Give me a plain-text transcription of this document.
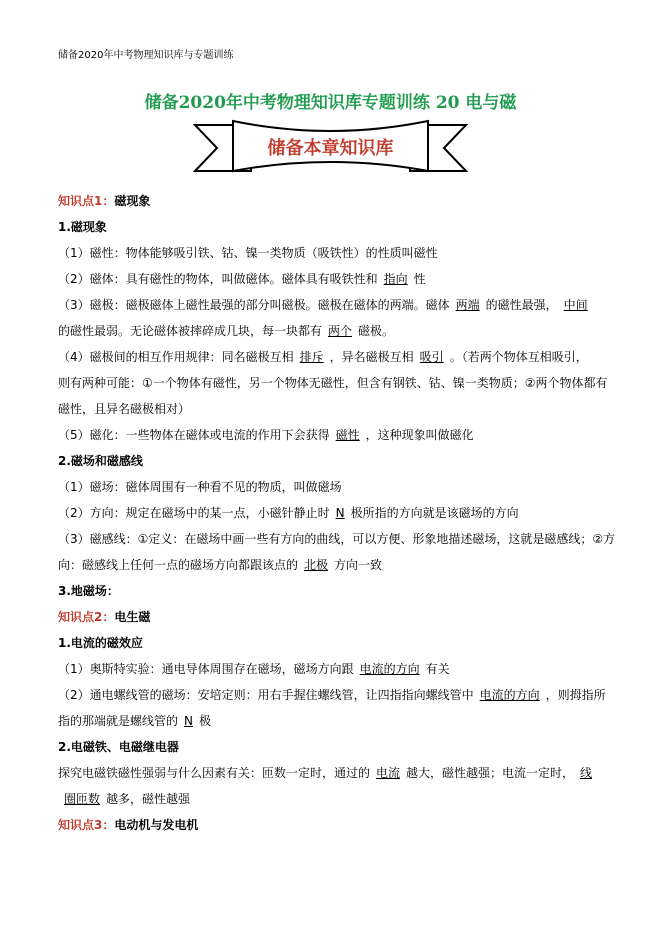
储备2020年中考物理知识库与专题训练
储备2020年中考物理知识库专题训练 20 电与磁
储备本章知识库
知识点1：磁现象
1.磁现象
（1）磁性：物体能够吸引铁、钴、镍一类物质（吸铁性）的性质叫磁性
（2）磁体：具有磁性的物体，叫做磁体。磁体具有吸铁性和 指向 性
（3）磁极：磁极磁体上磁性最强的部分叫磁极。磁极在磁体的两端。磁体 两端 的磁性最强， 中间
的磁性最弱。无论磁体被摔碎成几块，每一块都有 两个 磁极。
（4）磁极间的相互作用规律：同名磁极互相 排斥 ，异名磁极互相 吸引 。（若两个物体互相吸引，
则有两种可能：①一个物体有磁性，另一个物体无磁性，但含有钢铁、钴、镍一类物质；②两个物体都有
磁性，且异名磁极相对）
（5）磁化：一些物体在磁体或电流的作用下会获得 磁性 ，这种现象叫做磁化
2.磁场和磁感线
（1）磁场：磁体周围有一种看不见的物质，叫做磁场
（2）方向：规定在磁场中的某一点，小磁针静止时 N 极所指的方向就是该磁场的方向
（3）磁感线：①定义：在磁场中画一些有方向的曲线，可以方便、形象地描述磁场，这就是磁感线；②方
向：磁感线上任何一点的磁场方向都跟该点的 北极 方向一致
3.地磁场：
知识点2：电生磁
1.电流的磁效应
（1）奥斯特实验：通电导体周围存在磁场，磁场方向跟 电流的方向 有关
（2）通电螺线管的磁场：安培定则：用右手握住螺线管，让四指指向螺线管中 电流的方向 ，则拇指所
指的那端就是螺线管的 N 极
2.电磁铁、电磁继电器
探究电磁铁磁性强弱与什么因素有关：匝数一定时，通过的 电流 越大，磁性越强；电流一定时， 线
圈匝数 越多，磁性越强
知识点3：电动机与发电机
